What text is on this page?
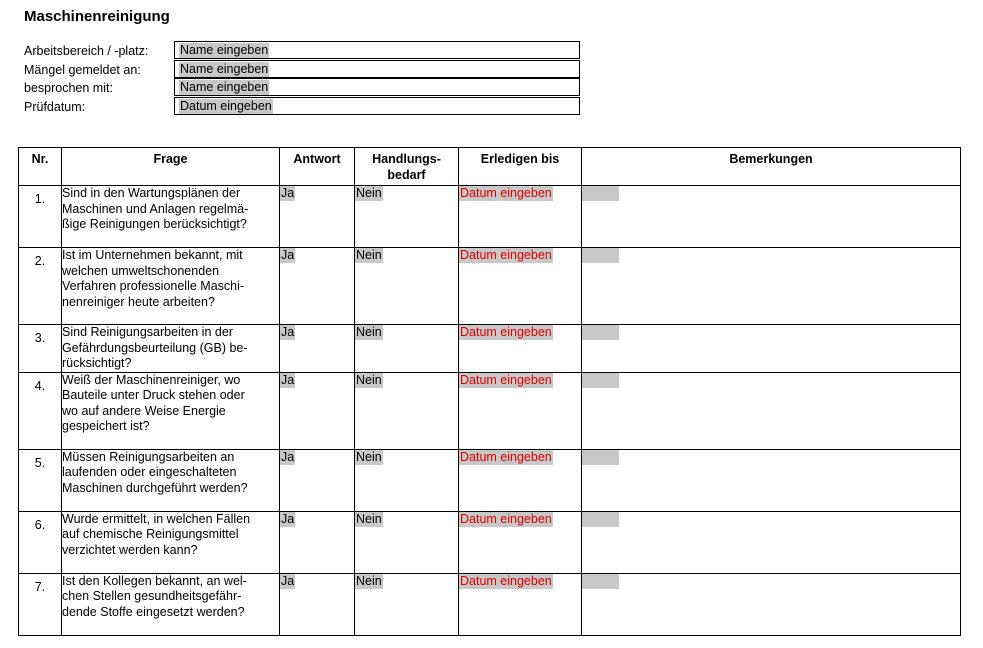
Maschinenreinigung
Arbeitsbereich / -platz:	Name eingeben
Mängel gemeldet an:	Name eingeben
besprochen mit:	Name eingeben
Prüfdatum:	Datum eingeben
Nr.	Frage	Antwort	Handlungs-
bedarf	Erledigen bis	Bemerkungen
1.	Sind in den Wartungsplänen der
Maschinen und Anlagen regelmä-
ßige Reinigungen berücksichtigt?	Ja	Nein	Datum eingeben	
2.	Ist im Unternehmen bekannt, mit
welchen umweltschonenden
Verfahren professionelle Maschi-
nenreiniger heute arbeiten?	Ja	Nein	Datum eingeben	
3.	Sind Reinigungsarbeiten in der
Gefährdungsbeurteilung (GB) be-
rücksichtigt?	Ja	Nein	Datum eingeben	
4.	Weiß der Maschinenreiniger, wo
Bauteile unter Druck stehen oder
wo auf andere Weise Energie
gespeichert ist?	Ja	Nein	Datum eingeben	
5.	Müssen Reinigungsarbeiten an
laufenden oder eingeschalteten
Maschinen durchgeführt werden?	Ja	Nein	Datum eingeben	
6.	Wurde ermittelt, in welchen Fällen
auf chemische Reinigungsmittel
verzichtet werden kann?	Ja	Nein	Datum eingeben	
7.	Ist den Kollegen bekannt, an wel-
chen Stellen gesundheitsgefähr-
dende Stoffe eingesetzt werden?	Ja	Nein	Datum eingeben	
